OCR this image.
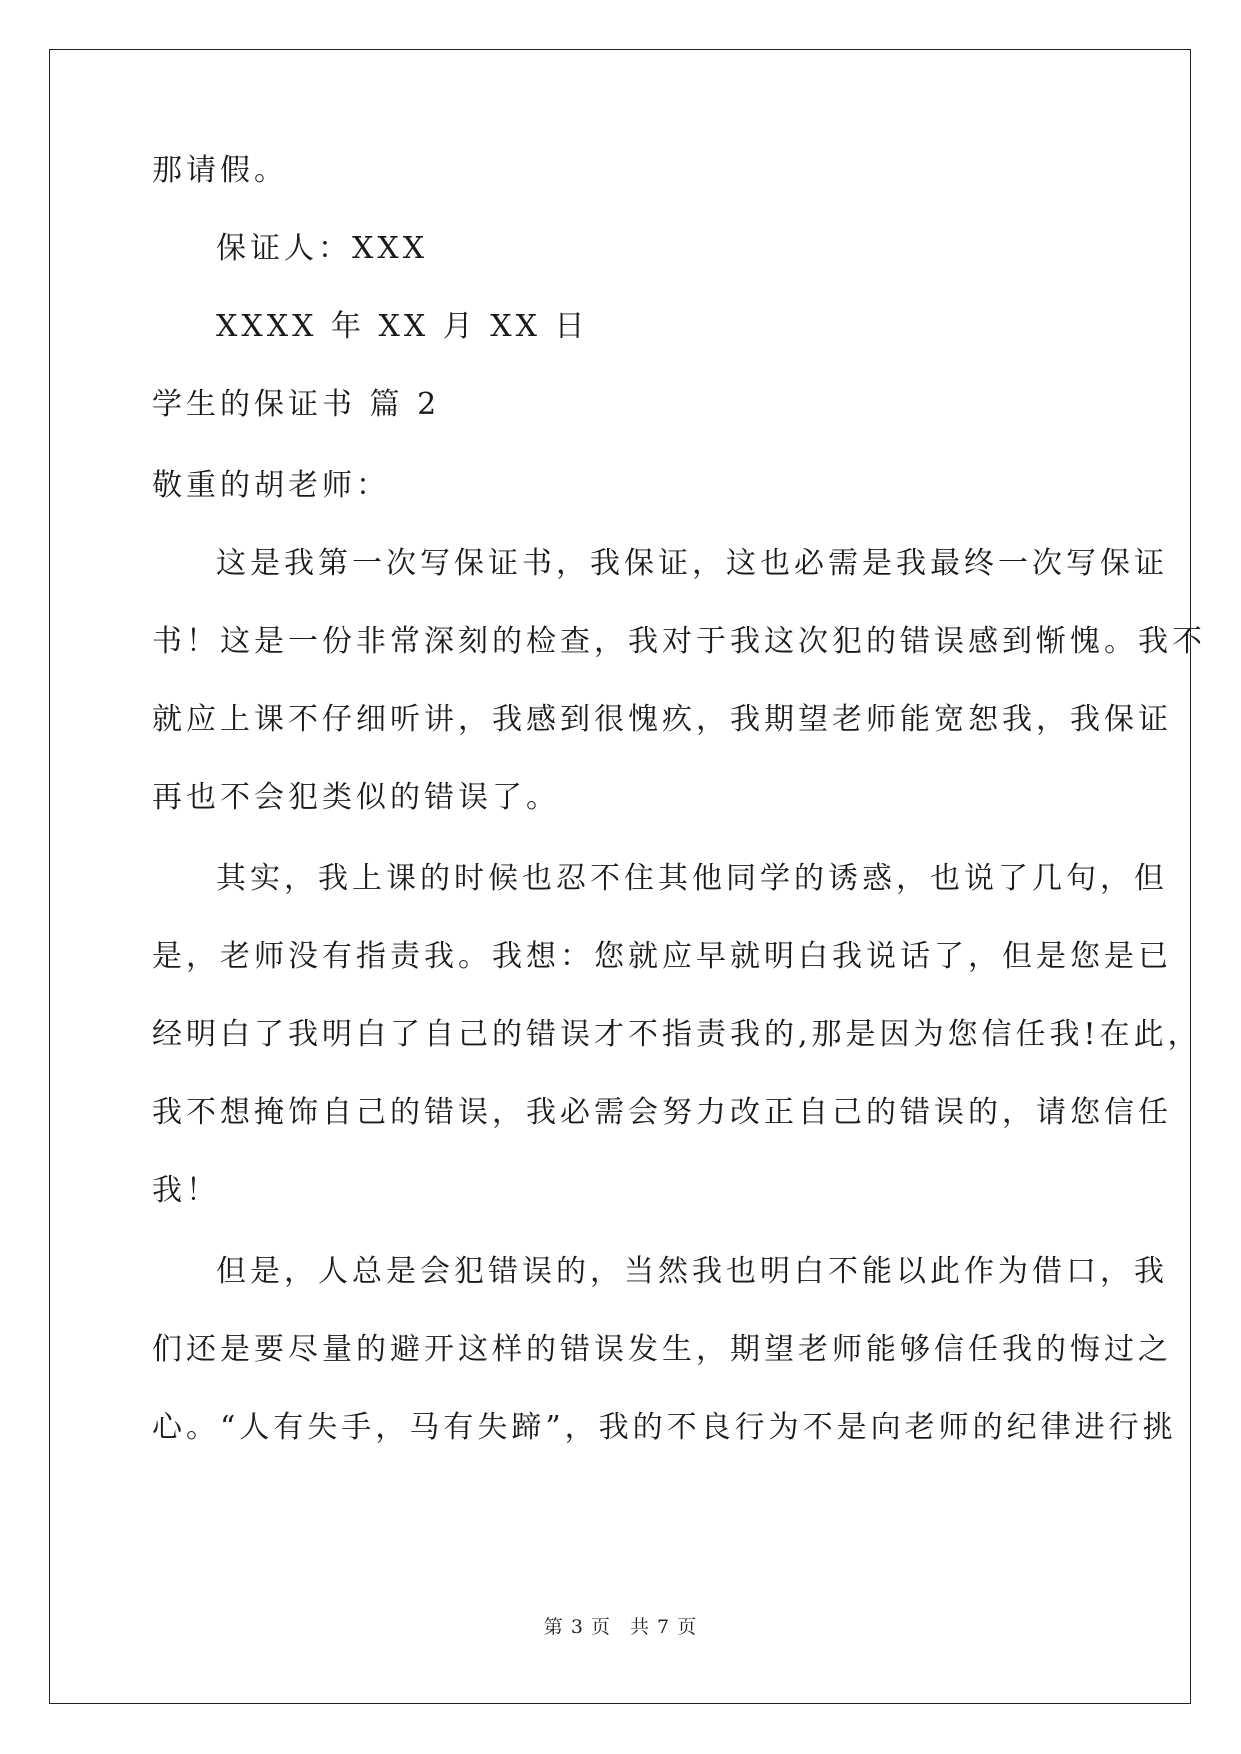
那请假。

保证人：XXX

XXXX 年 XX 月 XX 日

学生的保证书 篇 2

敬重的胡老师：

这是我第一次写保证书，我保证，这也必需是我最终一次写保证

书！这是一份非常深刻的检查，我对于我这次犯的错误感到惭愧。我不

就应上课不仔细听讲，我感到很愧疚，我期望老师能宽恕我，我保证

再也不会犯类似的错误了。

其实，我上课的时候也忍不住其他同学的诱惑，也说了几句，但

是，老师没有指责我。我想：您就应早就明白我说话了，但是您是已

经明白了我明白了自己的错误才不指责我的,那是因为您信任我!在此，

我不想掩饰自己的错误，我必需会努力改正自己的错误的，请您信任

我！

但是，人总是会犯错误的，当然我也明白不能以此作为借口，我

们还是要尽量的避开这样的错误发生，期望老师能够信任我的悔过之

心。“人有失手，马有失蹄”，我的不良行为不是向老师的纪律进行挑

第 3 页 共 7 页
